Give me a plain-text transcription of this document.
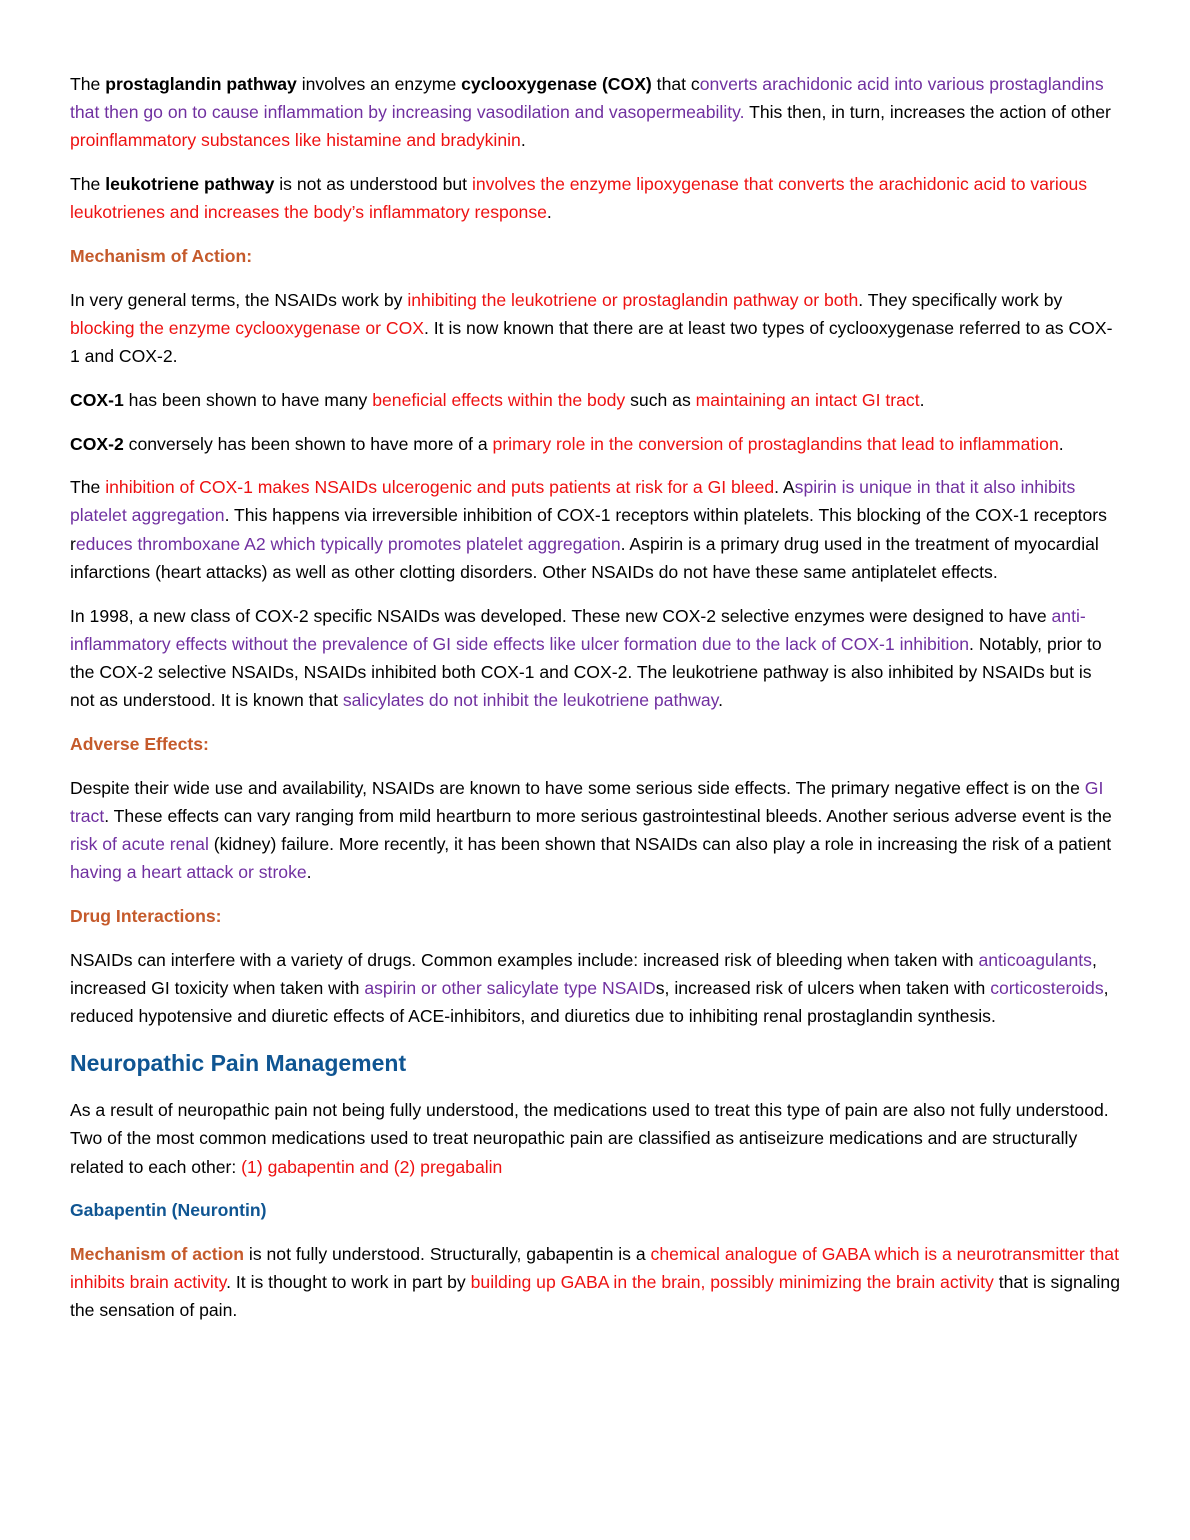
The prostaglandin pathway involves an enzyme cyclooxygenase (COX) that converts arachidonic acid into various prostaglandins that then go on to cause inflammation by increasing vasodilation and vasopermeability. This then, in turn, increases the action of other proinflammatory substances like histamine and bradykinin.

The leukotriene pathway is not as understood but involves the enzyme lipoxygenase that converts the arachidonic acid to various leukotrienes and increases the body’s inflammatory response.

Mechanism of Action:

In very general terms, the NSAIDs work by inhibiting the leukotriene or prostaglandin pathway or both. They specifically work by blocking the enzyme cyclooxygenase or COX. It is now known that there are at least two types of cyclooxygenase referred to as COX-1 and COX-2.

COX-1 has been shown to have many beneficial effects within the body such as maintaining an intact GI tract.

COX-2 conversely has been shown to have more of a primary role in the conversion of prostaglandins that lead to inflammation.

The inhibition of COX-1 makes NSAIDs ulcerogenic and puts patients at risk for a GI bleed. Aspirin is unique in that it also inhibits platelet aggregation. This happens via irreversible inhibition of COX-1 receptors within platelets. This blocking of the COX-1 receptors reduces thromboxane A2 which typically promotes platelet aggregation. Aspirin is a primary drug used in the treatment of myocardial infarctions (heart attacks) as well as other clotting disorders. Other NSAIDs do not have these same antiplatelet effects.

In 1998, a new class of COX-2 specific NSAIDs was developed. These new COX-2 selective enzymes were designed to have anti-inflammatory effects without the prevalence of GI side effects like ulcer formation due to the lack of COX-1 inhibition. Notably, prior to the COX-2 selective NSAIDs, NSAIDs inhibited both COX-1 and COX-2. The leukotriene pathway is also inhibited by NSAIDs but is not as understood. It is known that salicylates do not inhibit the leukotriene pathway.

Adverse Effects:

Despite their wide use and availability, NSAIDs are known to have some serious side effects. The primary negative effect is on the GI tract. These effects can vary ranging from mild heartburn to more serious gastrointestinal bleeds. Another serious adverse event is the risk of acute renal (kidney) failure. More recently, it has been shown that NSAIDs can also play a role in increasing the risk of a patient having a heart attack or stroke.

Drug Interactions:

NSAIDs can interfere with a variety of drugs. Common examples include: increased risk of bleeding when taken with anticoagulants, increased GI toxicity when taken with aspirin or other salicylate type NSAIDs, increased risk of ulcers when taken with corticosteroids, reduced hypotensive and diuretic effects of ACE-inhibitors, and diuretics due to inhibiting renal prostaglandin synthesis.

Neuropathic Pain Management

As a result of neuropathic pain not being fully understood, the medications used to treat this type of pain are also not fully understood. Two of the most common medications used to treat neuropathic pain are classified as antiseizure medications and are structurally related to each other: (1) gabapentin and (2) pregabalin

Gabapentin (Neurontin)

Mechanism of action is not fully understood. Structurally, gabapentin is a chemical analogue of GABA which is a neurotransmitter that inhibits brain activity. It is thought to work in part by building up GABA in the brain, possibly minimizing the brain activity that is signaling the sensation of pain.
